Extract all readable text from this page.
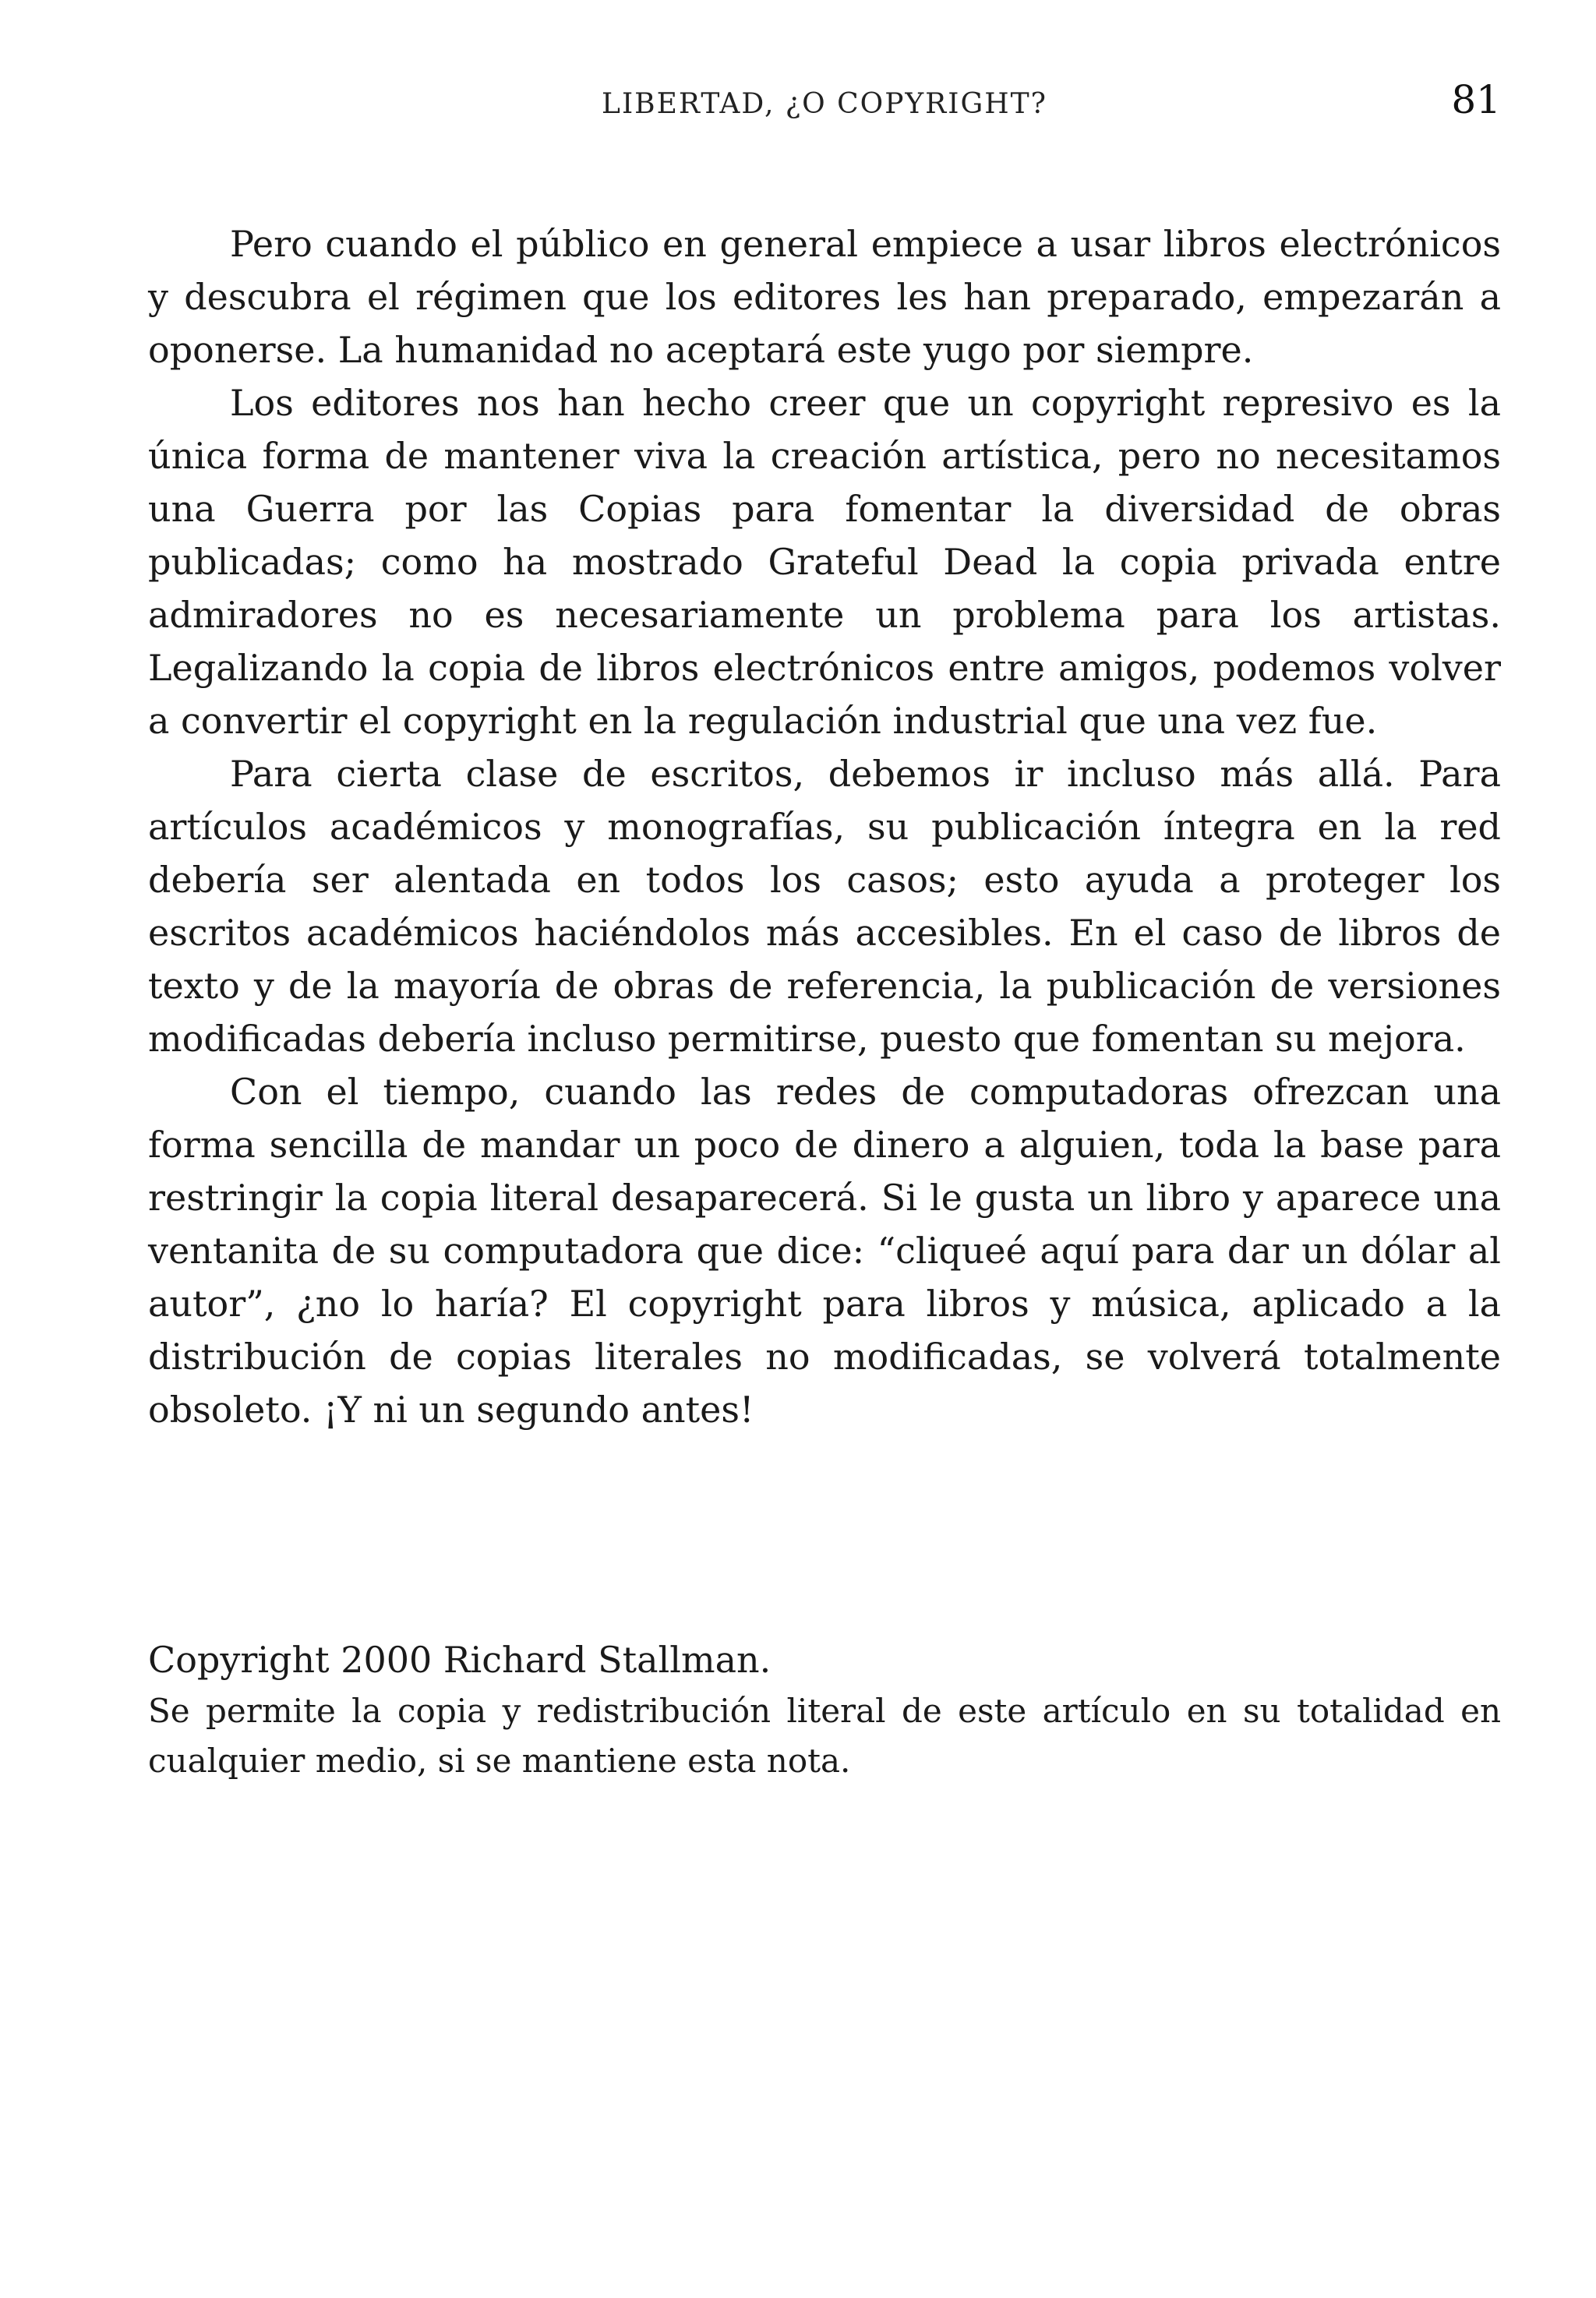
LIBERTAD, ¿O COPYRIGHT?	81

Pero cuando el público en general empiece a usar libros electrónicos y descubra el régimen que los editores les han preparado, empezarán a oponerse. La humanidad no aceptará este yugo por siempre.

Los editores nos han hecho creer que un copyright represivo es la única forma de mantener viva la creación artística, pero no necesitamos una Guerra por las Copias para fomentar la diversidad de obras publicadas; como ha mostrado Grateful Dead la copia privada entre admiradores no es necesariamente un problema para los artistas. Legalizando la copia de libros electrónicos entre amigos, podemos volver a convertir el copyright en la regulación industrial que una vez fue.

Para cierta clase de escritos, debemos ir incluso más allá. Para artículos académicos y monografías, su publicación íntegra en la red debería ser alentada en todos los casos; esto ayuda a proteger los escritos académicos haciéndolos más accesibles. En el caso de libros de texto y de la mayoría de obras de referencia, la publicación de versiones modificadas debería incluso permitirse, puesto que fomentan su mejora.

Con el tiempo, cuando las redes de computadoras ofrezcan una forma sencilla de mandar un poco de dinero a alguien, toda la base para restringir la copia literal desaparecerá. Si le gusta un libro y aparece una ventanita de su computadora que dice: “cliqueé aquí para dar un dólar al autor”, ¿no lo haría? El copyright para libros y música, aplicado a la distribución de copias literales no modificadas, se volverá totalmente obsoleto. ¡Y ni un segundo antes!

Copyright 2000 Richard Stallman.

Se permite la copia y redistribución literal de este artículo en su totalidad en cualquier medio, si se mantiene esta nota.
